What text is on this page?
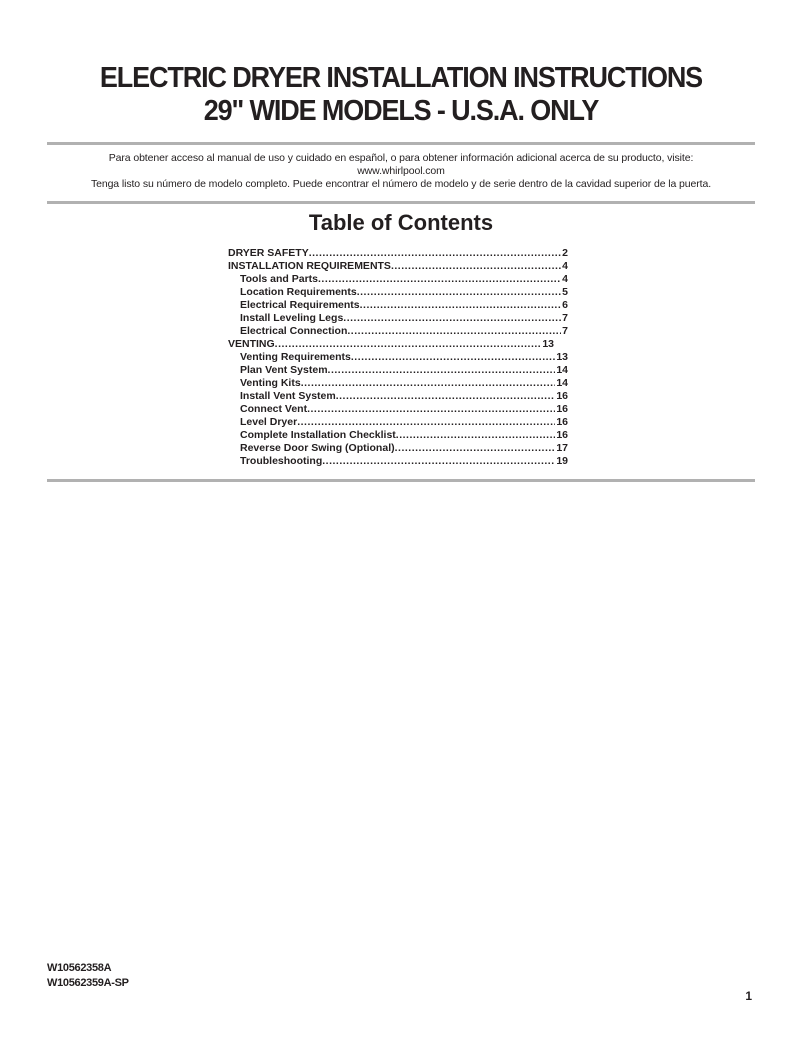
ELECTRIC DRYER INSTALLATION INSTRUCTIONS
29" WIDE MODELS - U.S.A. ONLY
Para obtener acceso al manual de uso y cuidado en español, o para obtener información adicional acerca de su producto, visite:
www.whirlpool.com
Tenga listo su número de modelo completo. Puede encontrar el número de modelo y de serie dentro de la cavidad superior de la puerta.
Table of Contents
DRYER SAFETY .....	2
INSTALLATION REQUIREMENTS .....	4
Tools and Parts .....	4
Location Requirements .....	5
Electrical Requirements .....	6
Install Leveling Legs .....	7
Electrical Connection .....	7
VENTING .....	13
Venting Requirements .....	13
Plan Vent System .....	14
Venting Kits .....	14
Install Vent System .....	16
Connect Vent .....	16
Level Dryer .....	16
Complete Installation Checklist .....	16
Reverse Door Swing (Optional) .....	17
Troubleshooting .....	19
W10562358A
W10562359A-SP
1
